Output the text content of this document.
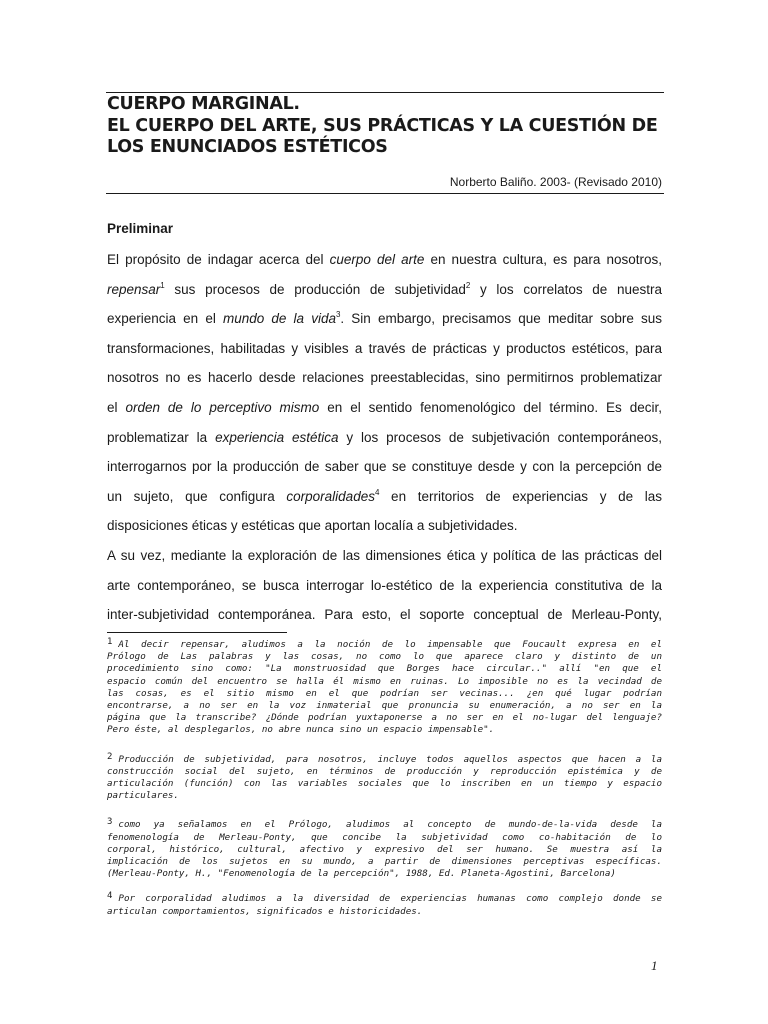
CUERPO MARGINAL.
EL CUERPO DEL ARTE, SUS PRÁCTICAS Y LA CUESTIÓN DE
LOS ENUNCIADOS ESTÉTICOS
Norberto Baliño. 2003- (Revisado 2010)
Preliminar
El propósito de indagar acerca del cuerpo del arte en nuestra cultura, es para nosotros,
repensar$^1$ sus procesos de producción de subjetividad$^2$ y los correlatos de nuestra
experiencia en el mundo de la vida$^3$. Sin embargo, precisamos que meditar sobre sus
transformaciones, habilitadas y visibles a través de prácticas y productos estéticos, para
nosotros no es hacerlo desde relaciones preestablecidas, sino permitirnos problematizar
el orden de lo perceptivo mismo en el sentido fenomenológico del término. Es decir,
problematizar la experiencia estética y los procesos de subjetivación contemporáneos,
interrogarnos por la producción de saber que se constituye desde y con la percepción de
un sujeto, que configura corporalidades$^4$ en territorios de experiencias y de las
disposiciones éticas y estéticas que aportan localía a subjetividades.
A su vez, mediante la exploración de las dimensiones ética y política de las prácticas del
arte contemporáneo, se busca interrogar lo-estético de la experiencia constitutiva de la
inter-subjetividad contemporánea. Para esto, el soporte conceptual de Merleau-Ponty,
1 Al decir repensar, aludimos a la noción de lo impensable que Foucault expresa en el
Prólogo de Las palabras y las cosas, no como lo que aparece claro y distinto de un
procedimiento sino como: "La monstruosidad que Borges hace circular.." allí "en que el
espacio común del encuentro se halla él mismo en ruinas. Lo imposible no es la vecindad de
las cosas, es el sitio mismo en el que podrían ser vecinas... ¿en qué lugar podrían
encontrarse, a no ser en la voz inmaterial que pronuncia su enumeración, a no ser en la
página que la transcribe? ¿Dónde podrían yuxtaponerse a no ser en el no-lugar del lenguaje?
Pero éste, al desplegarlos, no abre nunca sino un espacio impensable".
2 Producción de subjetividad, para nosotros, incluye todos aquellos aspectos que hacen a la
construcción social del sujeto, en términos de producción y reproducción epistémica y de
articulación (función) con las variables sociales que lo inscriben en un tiempo y espacio
particulares.
3 como ya señalamos en el Prólogo, aludimos al concepto de mundo-de-la-vida desde la
fenomenología de Merleau-Ponty, que concibe la subjetividad como co-habitación de lo
corporal, histórico, cultural, afectivo y expresivo del ser humano. Se muestra así la
implicación de los sujetos en su mundo, a partir de dimensiones perceptivas específicas.
(Merleau-Ponty, H., "Fenomenología de la percepción", 1988, Ed. Planeta-Agostini, Barcelona)
4 Por corporalidad aludimos a la diversidad de experiencias humanas como complejo donde se
articulan comportamientos, significados e historicidades.
1
